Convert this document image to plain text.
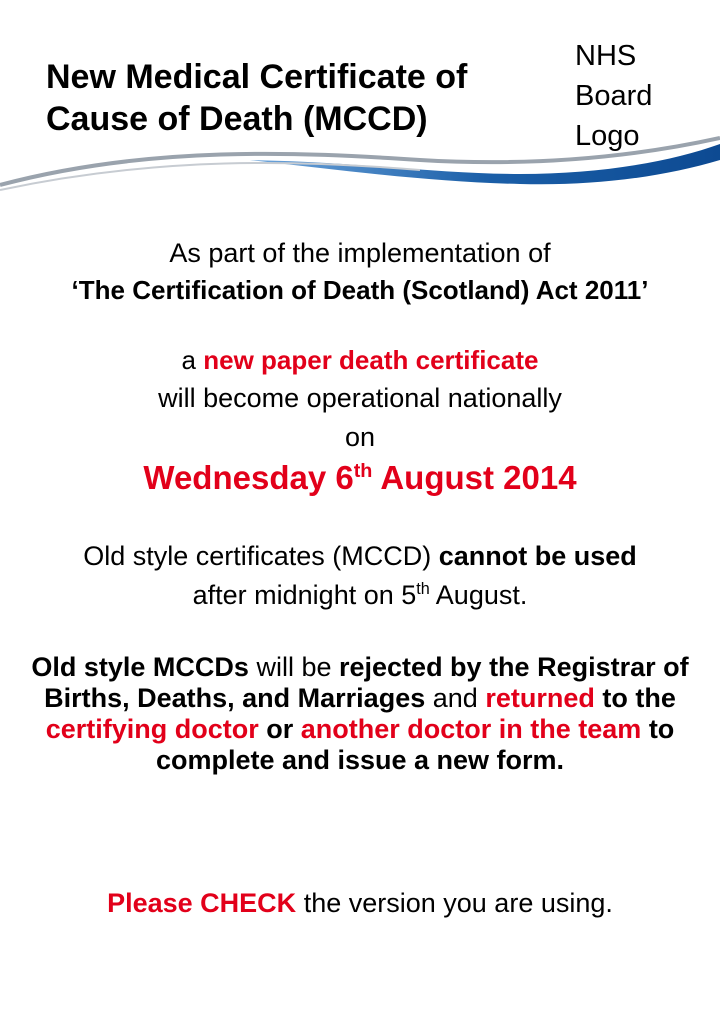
New Medical Certificate of
Cause of Death (MCCD)
NHS
Board
Logo

As part of the implementation of

‘The Certification of Death (Scotland) Act 2011’

a new paper death certificate

will become operational nationally

on

Wednesday 6th August 2014

Old style certificates (MCCD) cannot be used

after midnight on 5th August.

Old style MCCDs will be rejected by the Registrar of Births, Deaths, and Marriages and returned to the certifying doctor or another doctor in the team to complete and issue a new form.

Please CHECK the version you are using.
